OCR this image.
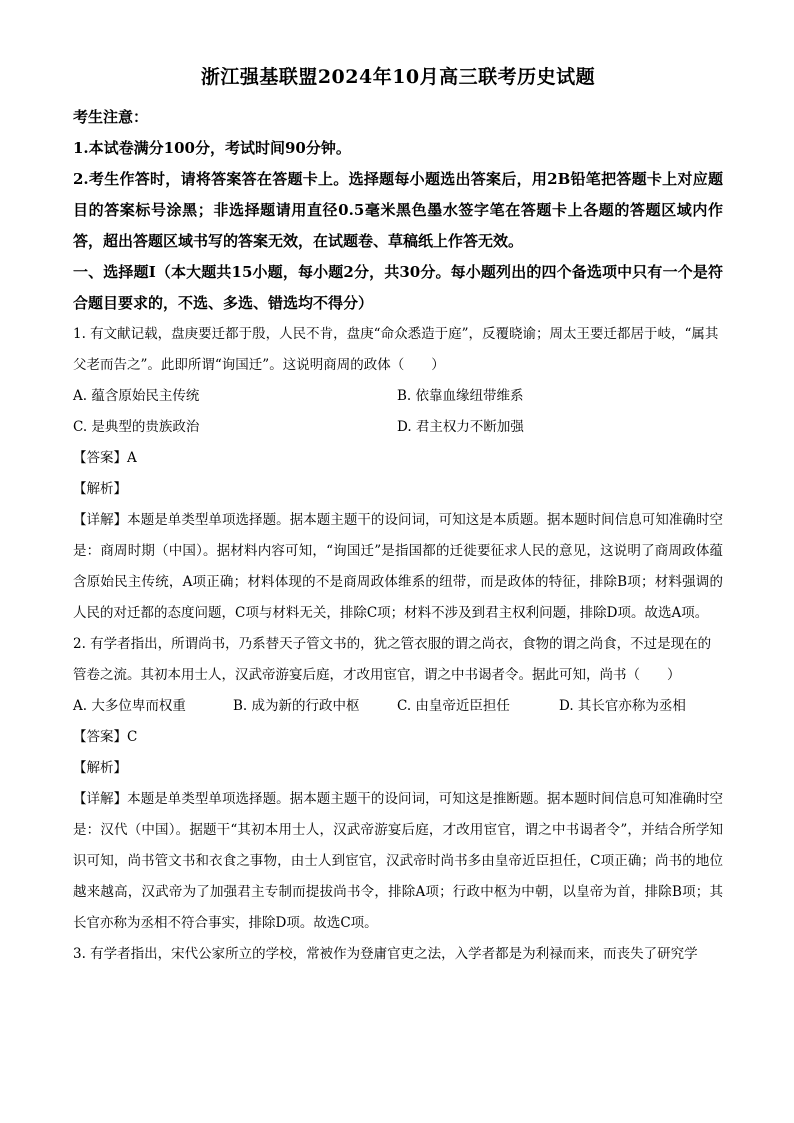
浙江强基联盟2024年10月高三联考历史试题
考生注意：

1.本试卷满分100分，考试时间90分钟。

2.考生作答时，请将答案答在答题卡上。选择题每小题选出答案后，用2B铅笔把答题卡上对应题目的答案标号涂黑；非选择题请用直径0.5毫米黑色墨水签字笔在答题卡上各题的答题区域内作答，超出答题区域书写的答案无效，在试题卷、草稿纸上作答无效。

一、选择题Ⅰ（本大题共15小题，每小题2分，共30分。每小题列出的四个备选项中只有一个是符合题目要求的，不选、多选、错选均不得分）

1. 有文献记载，盘庚要迁都于殷，人民不肯，盘庚“命众悉造于庭”，反覆晓谕；周太王要迁都居于岐，“属其父老而告之”。此即所谓“询国迁”。这说明商周的政体（　　）

A. 蕴含原始民主传统	B. 依靠血缘纽带维系
C. 是典型的贵族政治	D. 君主权力不断加强
【答案】A
【解析】

【详解】本题是单类型单项选择题。据本题主题干的设问词，可知这是本质题。据本题时间信息可知准确时空是：商周时期（中国）。据材料内容可知，“询国迁”是指国都的迁徙要征求人民的意见，这说明了商周政体蕴含原始民主传统，A项正确；材料体现的不是商周政体维系的纽带，而是政体的特征，排除B项；材料强调的人民的对迁都的态度问题，C项与材料无关，排除C项；材料不涉及到君主权利问题，排除D项。故选A项。

2. 有学者指出，所谓尚书，乃系替天子管文书的，犹之管衣服的谓之尚衣，食物的谓之尚食，不过是现在的管卷之流。其初本用士人，汉武帝游宴后庭，才改用宦官，谓之中书谒者令。据此可知，尚书（　　）

A. 大多位卑而权重	B. 成为新的行政中枢	C. 由皇帝近臣担任	D. 其长官亦称为丞相
【答案】C
【解析】

【详解】本题是单类型单项选择题。据本题主题干的设问词，可知这是推断题。据本题时间信息可知准确时空是：汉代（中国）。据题干“其初本用士人，汉武帝游宴后庭，才改用宦官，谓之中书谒者令”，并结合所学知识可知，尚书管文书和衣食之事物，由士人到宦官，汉武帝时尚书多由皇帝近臣担任，C项正确；尚书的地位越来越高，汉武帝为了加强君主专制而提拔尚书令，排除A项；行政中枢为中朝，以皇帝为首，排除B项；其长官亦称为丞相不符合事实，排除D项。故选C项。

3. 有学者指出，宋代公家所立的学校，常被作为登庸官吏之法，入学者都是为利禄而来，而丧失了研究学
